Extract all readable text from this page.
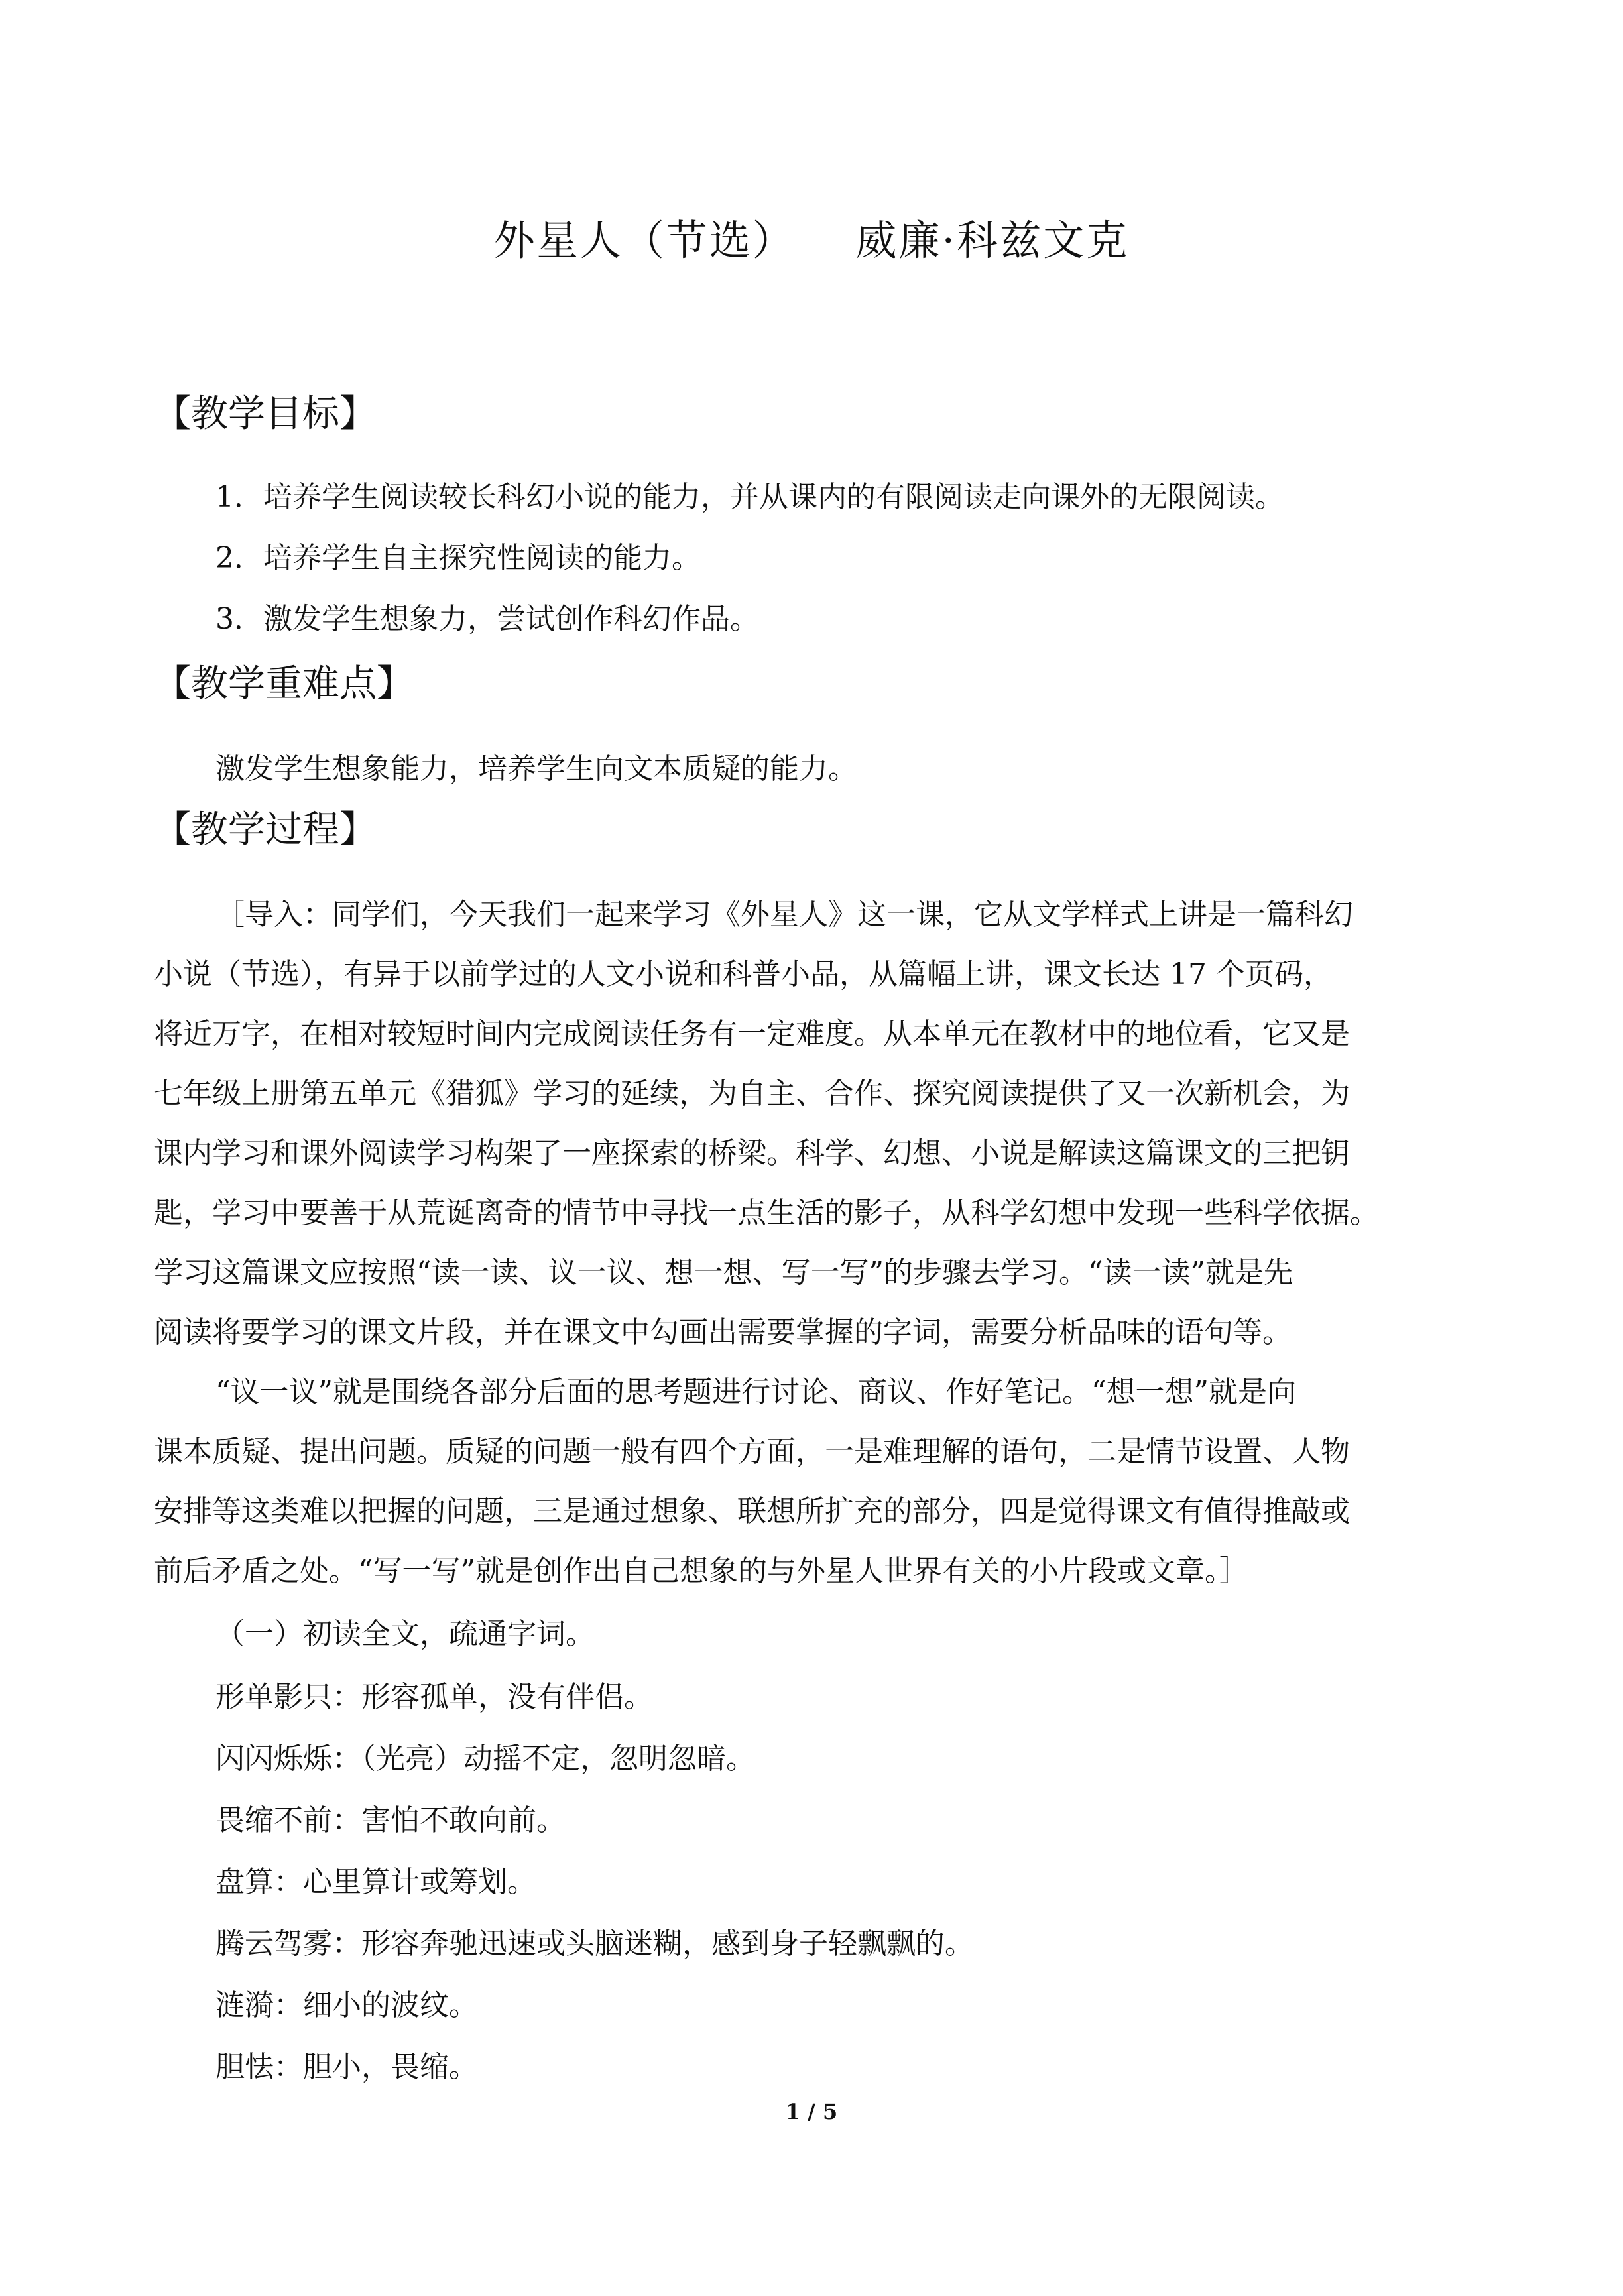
外星人（节选）    威廉·科兹文克
【教学目标】
1．培养学生阅读较长科幻小说的能力，并从课内的有限阅读走向课外的无限阅读。
2．培养学生自主探究性阅读的能力。
3．激发学生想象力，尝试创作科幻作品。
【教学重难点】
激发学生想象能力，培养学生向文本质疑的能力。
【教学过程】
［导入：同学们，今天我们一起来学习《外星人》这一课，它从文学样式上讲是一篇科幻
小说（节选），有异于以前学过的人文小说和科普小品，从篇幅上讲，课文长达 17 个页码，
将近万字，在相对较短时间内完成阅读任务有一定难度。从本单元在教材中的地位看，它又是
七年级上册第五单元《猎狐》学习的延续，为自主、合作、探究阅读提供了又一次新机会，为
课内学习和课外阅读学习构架了一座探索的桥梁。科学、幻想、小说是解读这篇课文的三把钥
匙，学习中要善于从荒诞离奇的情节中寻找一点生活的影子，从科学幻想中发现一些科学依据。
学习这篇课文应按照“读一读、议一议、想一想、写一写”的步骤去学习。“读一读”就是先
阅读将要学习的课文片段，并在课文中勾画出需要掌握的字词，需要分析品味的语句等。
“议一议”就是围绕各部分后面的思考题进行讨论、商议、作好笔记。“想一想”就是向
课本质疑、提出问题。质疑的问题一般有四个方面，一是难理解的语句，二是情节设置、人物
安排等这类难以把握的问题，三是通过想象、联想所扩充的部分，四是觉得课文有值得推敲或
前后矛盾之处。“写一写”就是创作出自己想象的与外星人世界有关的小片段或文章。］
（一）初读全文，疏通字词。
形单影只：形容孤单，没有伴侣。
闪闪烁烁：（光亮）动摇不定，忽明忽暗。
畏缩不前：害怕不敢向前。
盘算：心里算计或筹划。
腾云驾雾：形容奔驰迅速或头脑迷糊，感到身子轻飘飘的。
涟漪：细小的波纹。
胆怯：胆小，畏缩。
1 / 5
